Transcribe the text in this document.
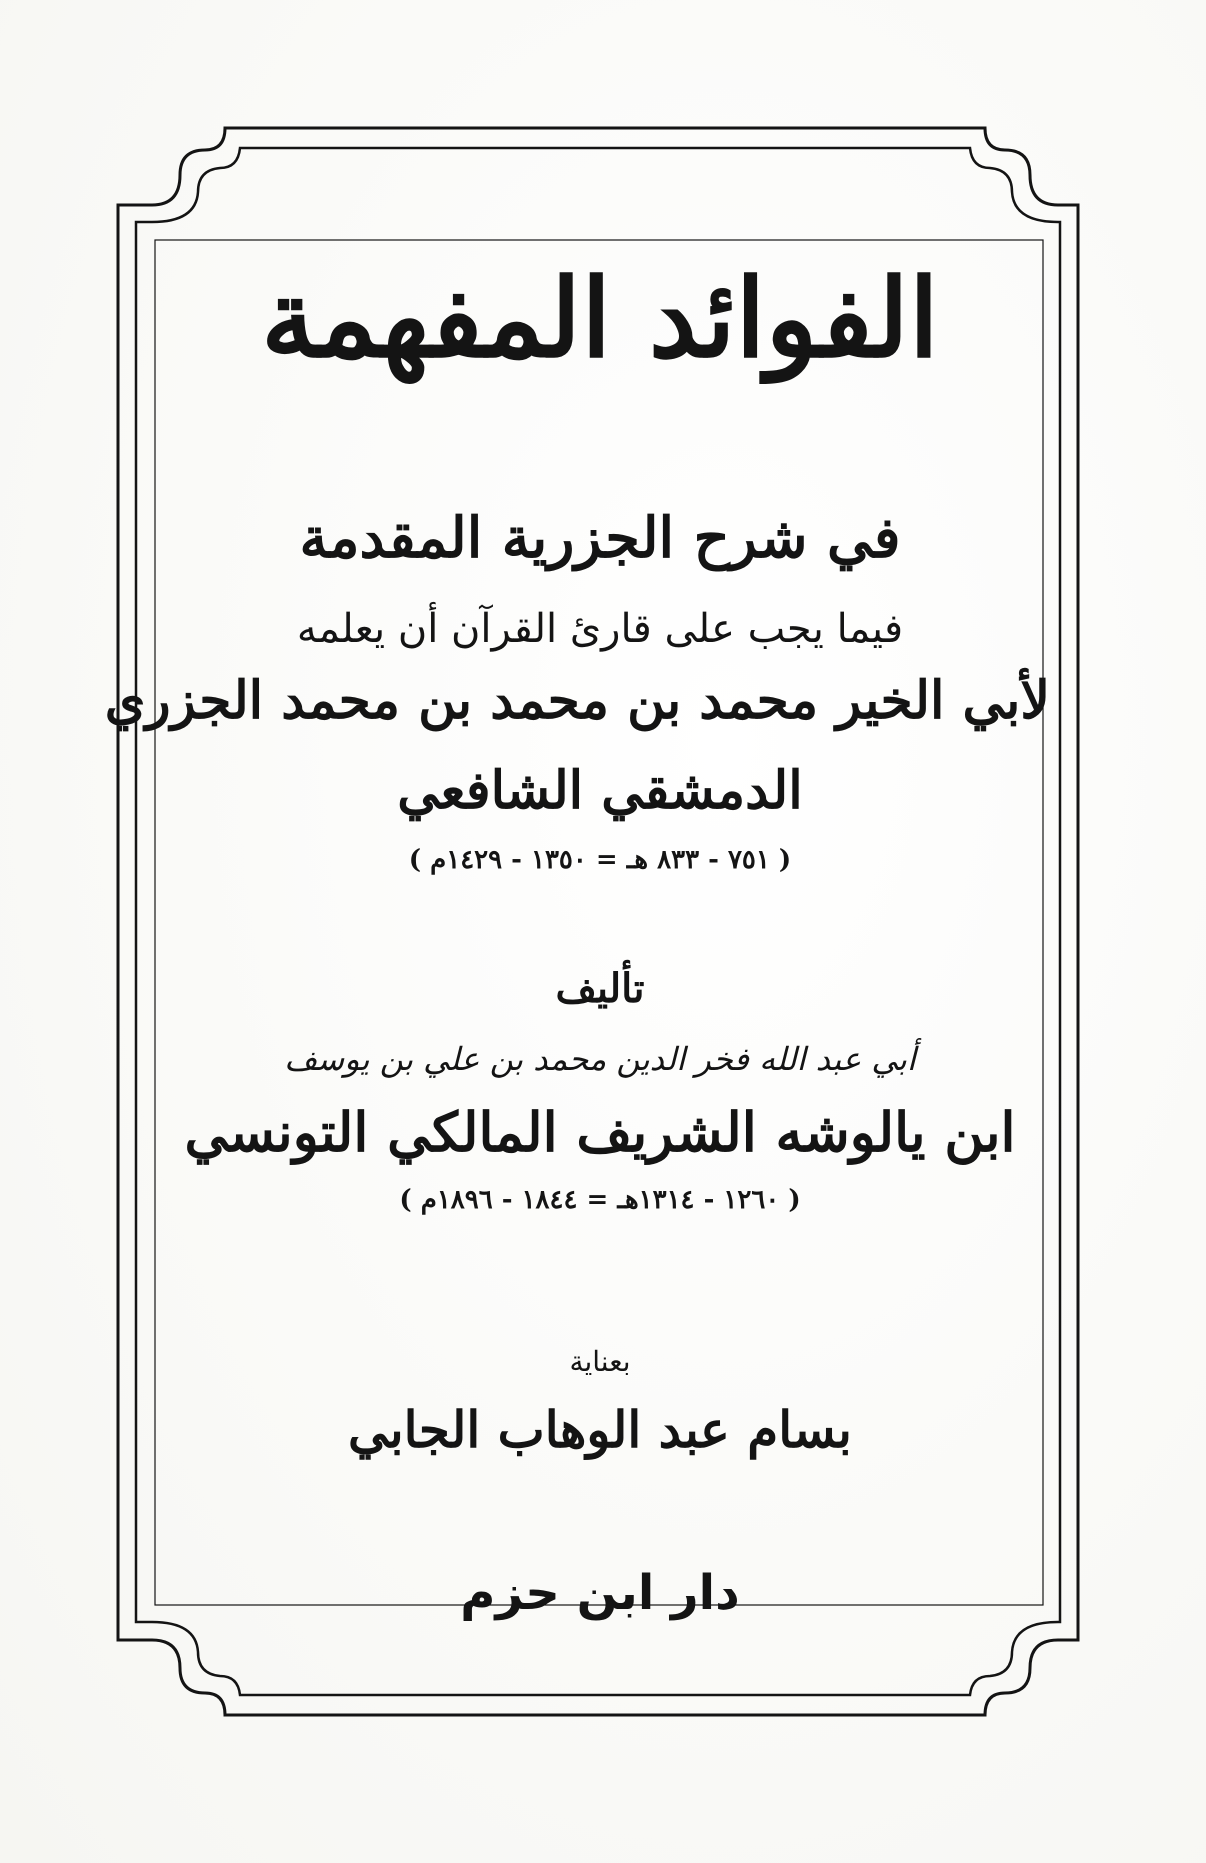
الفوائد المفهمة
في شرح الجزرية المقدمة
فيما يجب على قارئ القرآن أن يعلمه
لأبي الخير محمد بن محمد بن محمد الجزري
الدمشقي الشافعي
( ٧٥١ - ٨٣٣ هـ = ١٣٥٠ - ١٤٢٩م )
تأليف
أبي عبد الله فخر الدين محمد بن علي بن يوسف
ابن يالوشه الشريف المالكي التونسي
( ١٢٦٠ - ١٣١٤هـ = ١٨٤٤ - ١٨٩٦م )
بعناية
بسام عبد الوهاب الجابي
دار ابن حزم
